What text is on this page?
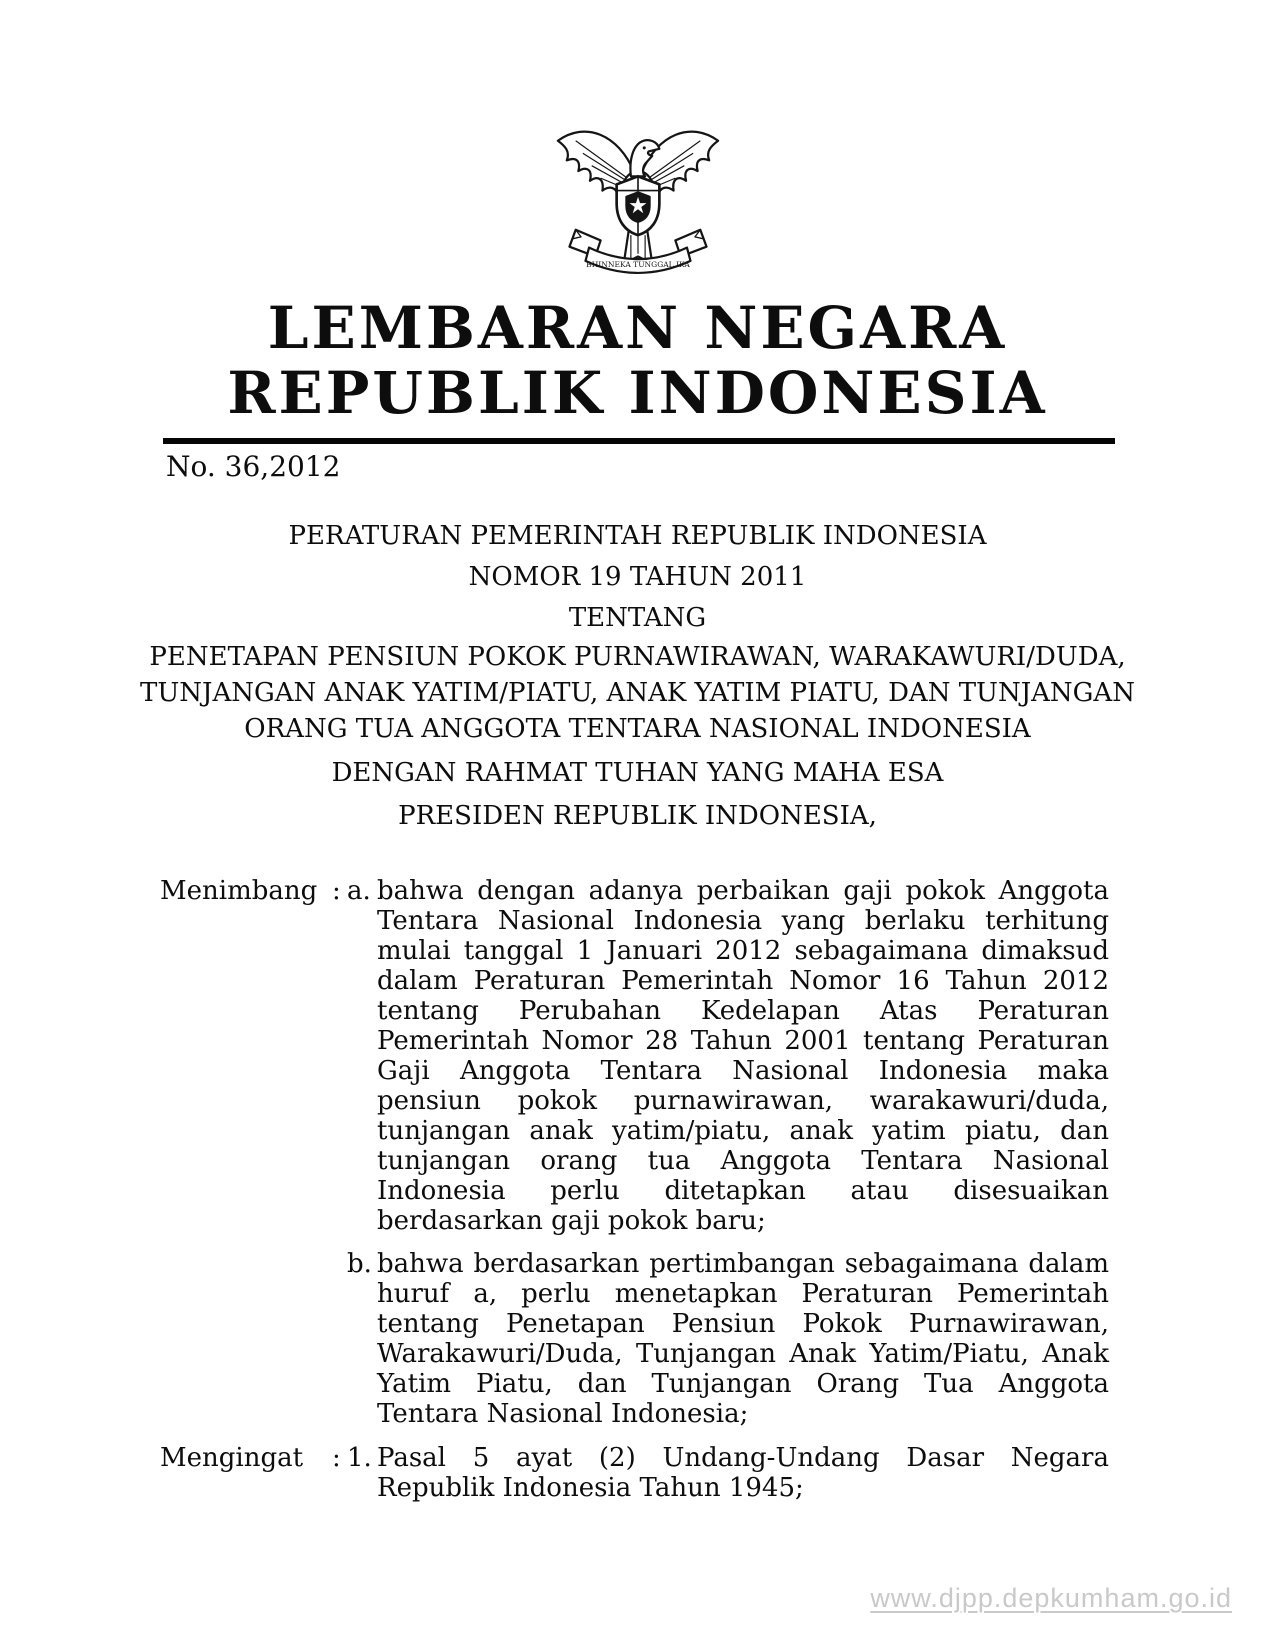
BHINNEKA TUNGGAL IKA
LEMBARAN NEGARA
REPUBLIK INDONESIA
No. 36,2012
PERATURAN PEMERINTAH REPUBLIK INDONESIA
NOMOR 19 TAHUN 2011
TENTANG
PENETAPAN PENSIUN POKOK PURNAWIRAWAN, WARAKAWURI/DUDA,
TUNJANGAN ANAK YATIM/PIATU, ANAK YATIM PIATU, DAN TUNJANGAN
ORANG TUA ANGGOTA TENTARA NASIONAL INDONESIA
DENGAN RAHMAT TUHAN YANG MAHA ESA
PRESIDEN REPUBLIK INDONESIA,
Menimbang : a. bahwa dengan adanya perbaikan gaji pokok Anggota Tentara Nasional Indonesia yang berlaku terhitung mulai tanggal 1 Januari 2012 sebagaimana dimaksud dalam Peraturan Pemerintah Nomor 16 Tahun 2012 tentang Perubahan Kedelapan Atas Peraturan Pemerintah Nomor 28 Tahun 2001 tentang Peraturan Gaji Anggota Tentara Nasional Indonesia maka pensiun pokok purnawirawan, warakawuri/duda, tunjangan anak yatim/piatu, anak yatim piatu, dan tunjangan orang tua Anggota Tentara Nasional Indonesia perlu ditetapkan atau disesuaikan berdasarkan gaji pokok baru;
b. bahwa berdasarkan pertimbangan sebagaimana dalam huruf a, perlu menetapkan Peraturan Pemerintah tentang Penetapan Pensiun Pokok Purnawirawan, Warakawuri/Duda, Tunjangan Anak Yatim/Piatu, Anak Yatim Piatu, dan Tunjangan Orang Tua Anggota Tentara Nasional Indonesia;
Mengingat	: 1. Pasal 5 ayat (2) Undang-Undang Dasar Negara Republik Indonesia Tahun 1945;
www.djpp.depkumham.go.id
